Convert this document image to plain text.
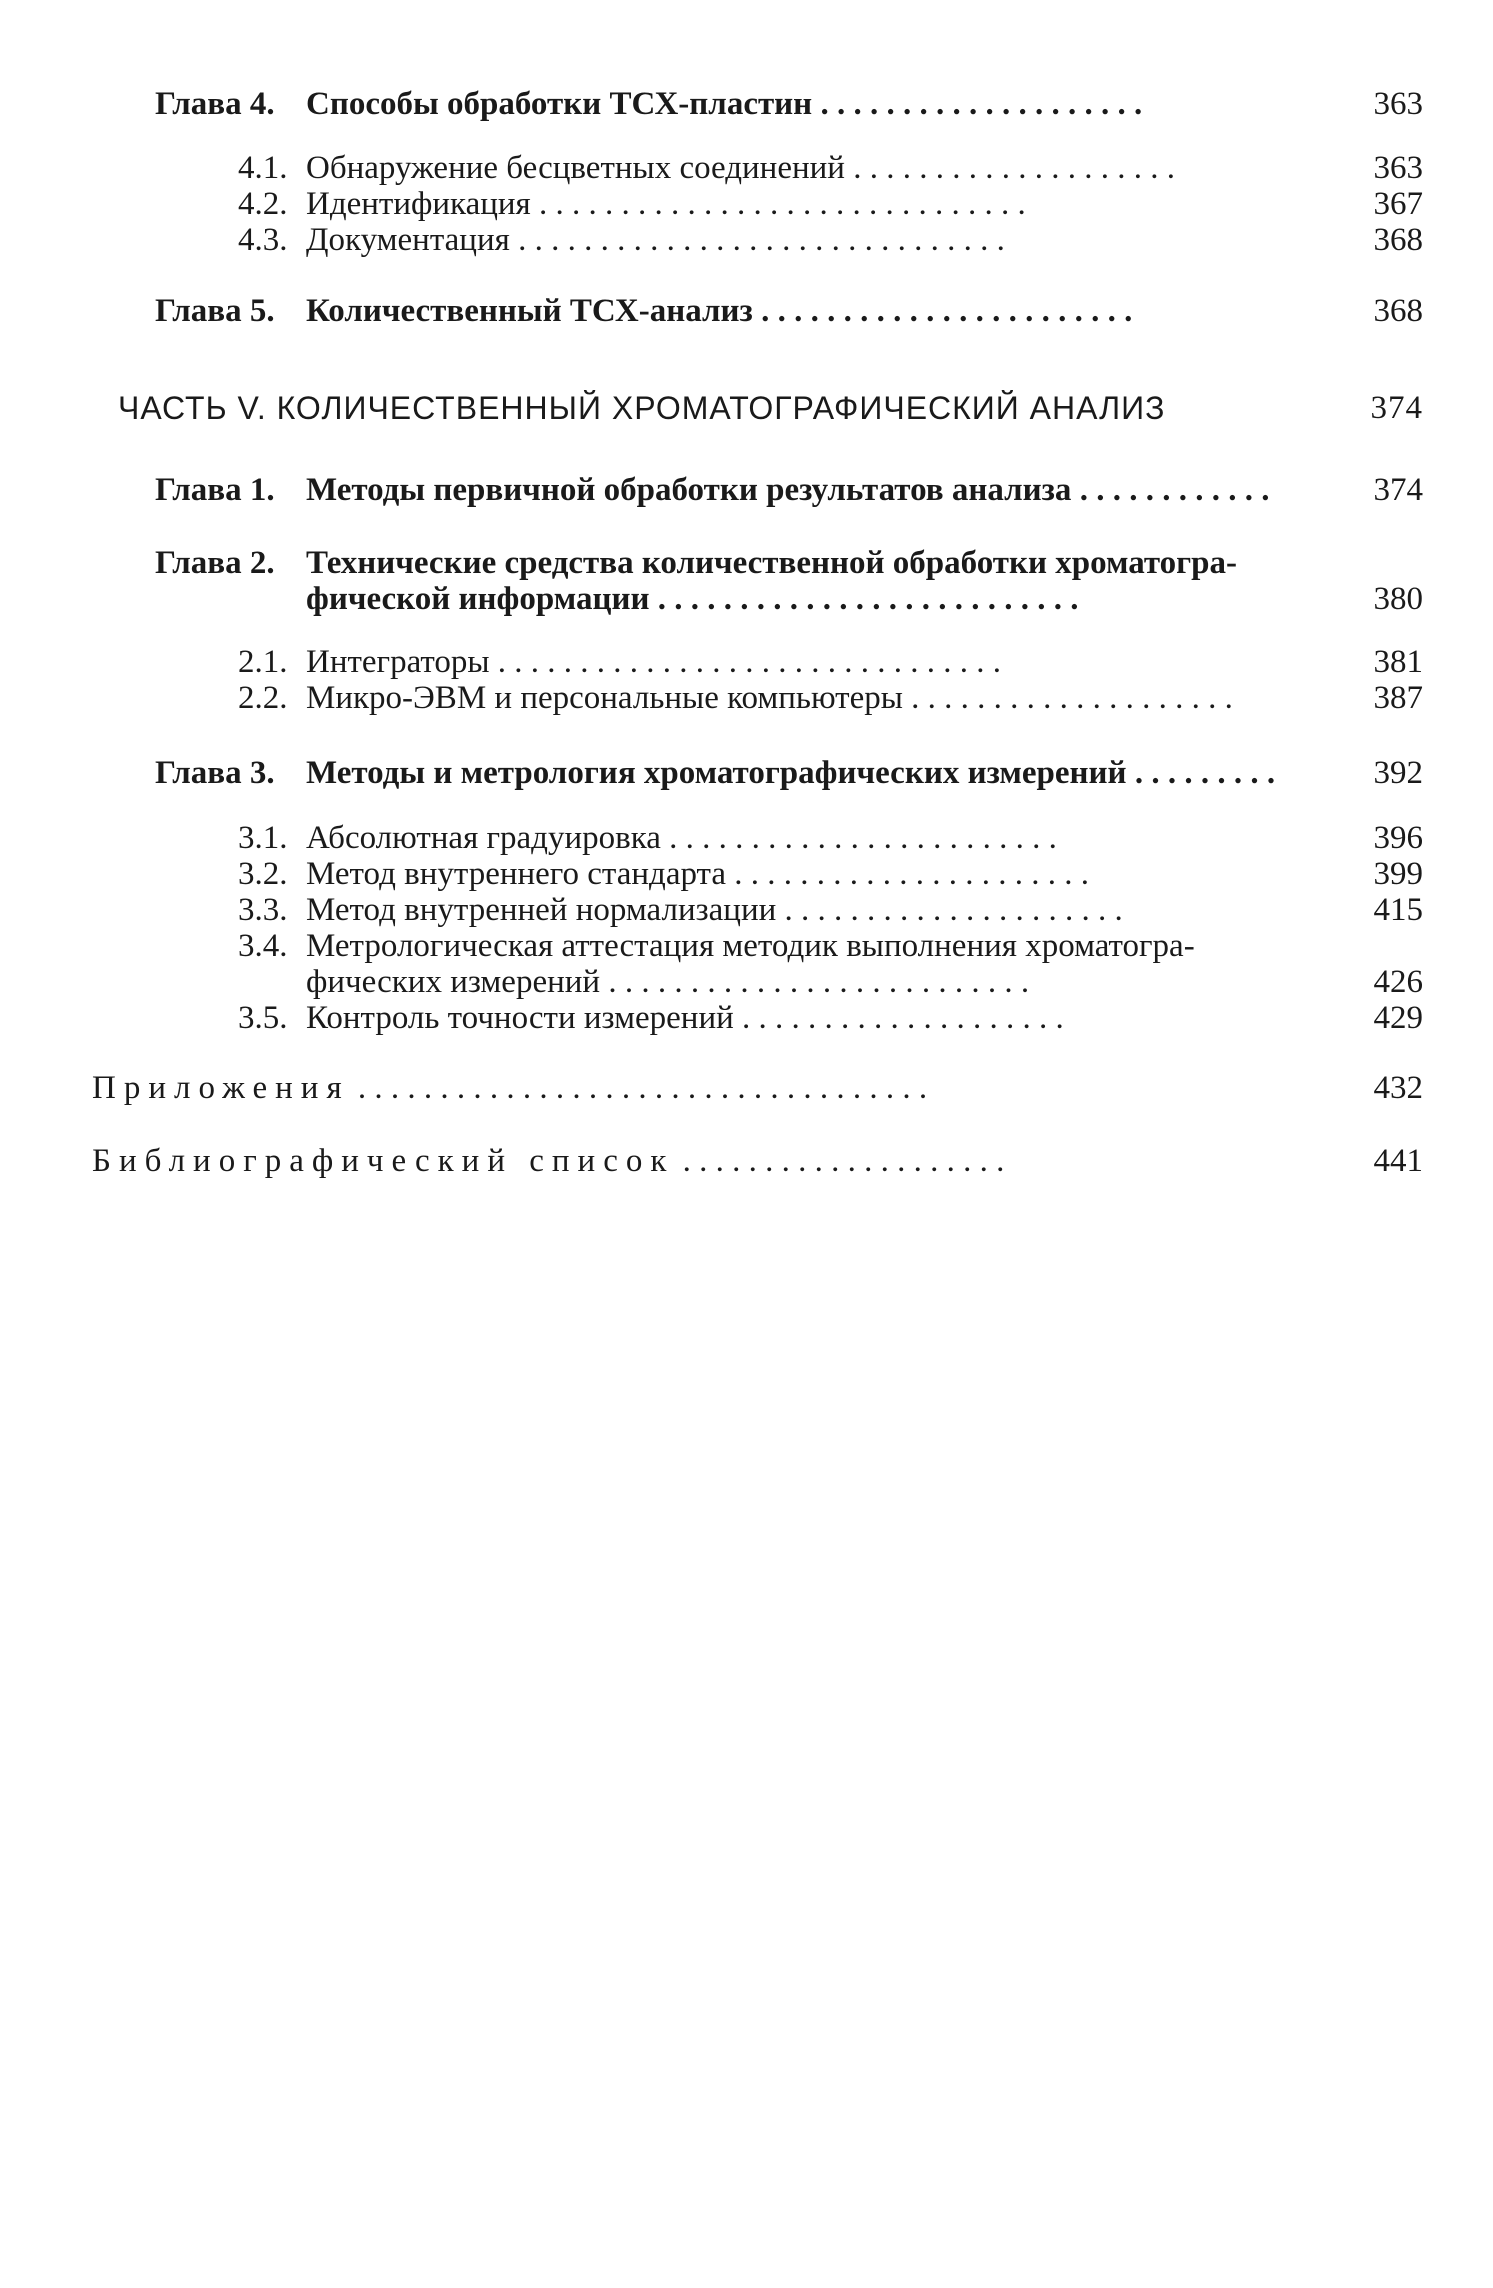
Глава 4. Способы обработки ТСХ-пластин . . . . . . . . . . . . . . . . . . . .	363
4.1. Обнаружение бесцветных соединений . . . . . . . . . . . . . . . . . . . .	363
4.2. Идентификация . . . . . . . . . . . . . . . . . . . . . . . . . . . . . .	367
4.3. Документация . . . . . . . . . . . . . . . . . . . . . . . . . . . . . .	368
Глава 5. Количественный ТСХ-анализ . . . . . . . . . . . . . . . . . . . . . . .	368
ЧАСТЬ V. КОЛИЧЕСТВЕННЫЙ ХРОМАТОГРАФИЧЕСКИЙ АНАЛИЗ	374
Глава 1. Методы первичной обработки результатов анализа . . . . . . . . . . . .	374
Глава 2. Технические средства количественной обработки хроматогра-
фической информации . . . . . . . . . . . . . . . . . . . . . . . . . .	380
2.1. Интеграторы . . . . . . . . . . . . . . . . . . . . . . . . . . . . . . .	381
2.2. Микро-ЭВМ и персональные компьютеры . . . . . . . . . . . . . . . . . . . .	387
Глава 3. Методы и метрология хроматографических измерений . . . . . . . . .	392
3.1. Абсолютная градуировка . . . . . . . . . . . . . . . . . . . . . . . .	396
3.2. Метод внутреннего стандарта . . . . . . . . . . . . . . . . . . . . . .	399
3.3. Метод внутренней нормализации . . . . . . . . . . . . . . . . . . . . .	415
3.4. Метрологическая аттестация методик выполнения хроматогра-
фических измерений . . . . . . . . . . . . . . . . . . . . . . . . . .	426
3.5. Контроль точности измерений . . . . . . . . . . . . . . . . . . . .	429
Приложения . . . . . . . . . . . . . . . . . . . . . . . . . . . . . . . . . . .	432
Библиографический список . . . . . . . . . . . . . . . . . . . .	441
